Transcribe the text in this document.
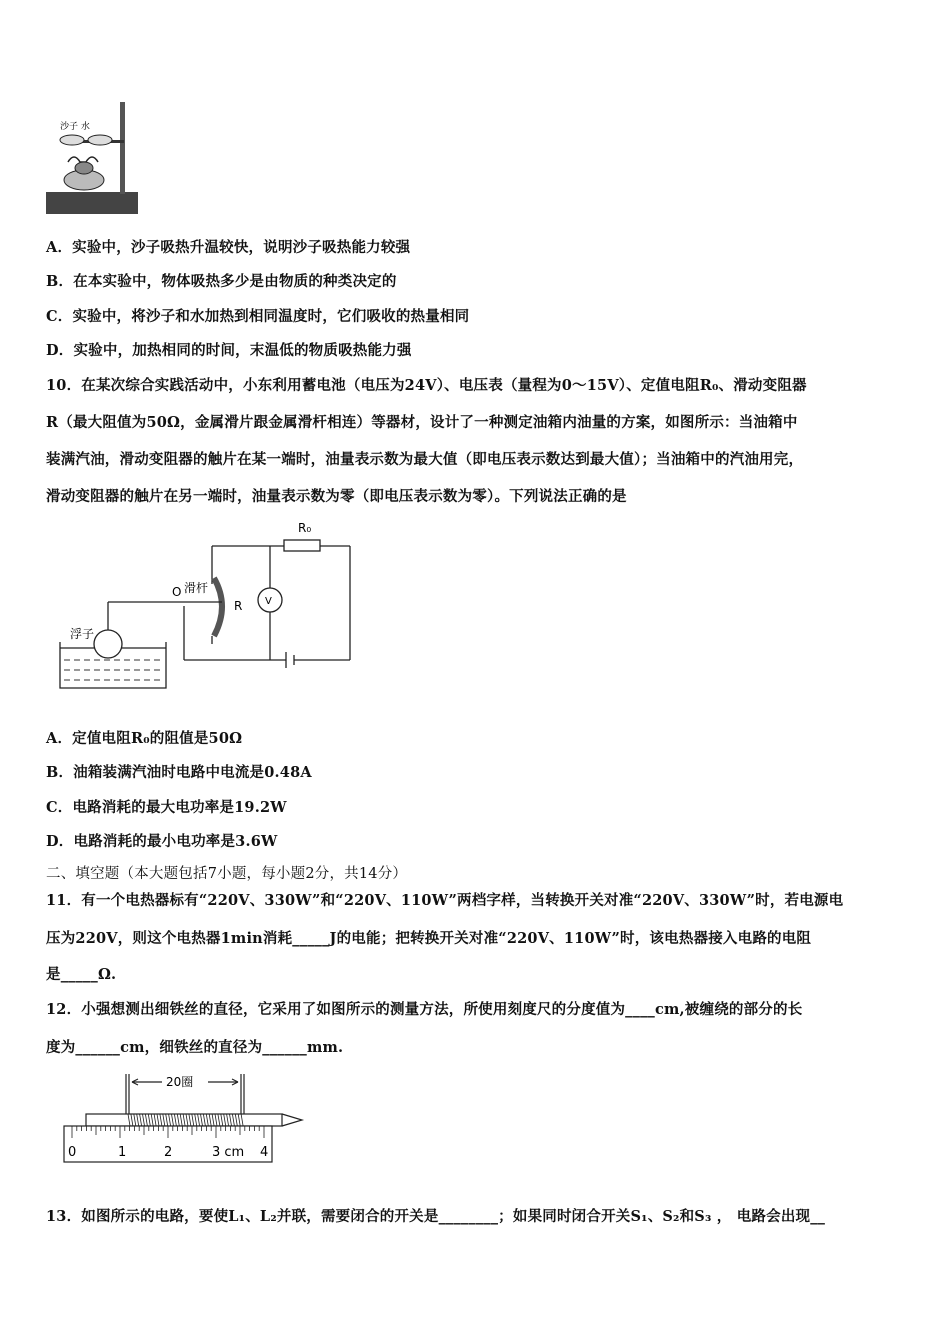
沙子 水
A．实验中，沙子吸热升温较快，说明沙子吸热能力较强
B．在本实验中，物体吸热多少是由物质的种类决定的
C．实验中，将沙子和水加热到相同温度时，它们吸收的热量相同
D．实验中，加热相同的时间，末温低的物质吸热能力强
10．在某次综合实践活动中，小东利用蓄电池（电压为24V）、电压表（量程为0～15V）、定值电阻R₀、滑动变阻器
R（最大阻值为50Ω，金属滑片跟金属滑杆相连）等器材，设计了一种测定油箱内油量的方案，如图所示：当油箱中
装满汽油，滑动变阻器的触片在某一端时，油量表示数为最大值（即电压表示数达到最大值）；当油箱中的汽油用完，
滑动变阻器的触片在另一端时，油量表示数为零（即电压表示数为零）。下列说法正确的是
R₀
O 滑杆
R V
浮子
A．定值电阻R₀的阻值是50Ω
B．油箱装满汽油时电路中电流是0.48A
C．电路消耗的最大电功率是19.2W
D．电路消耗的最小电功率是3.6W
二、填空题（本大题包括7小题，每小题2分，共14分）
11．有一个电热器标有“220V、330W”和“220V、110W”两档字样，当转换开关对准“220V、330W”时，若电源电
压为220V，则这个电热器1min消耗_____J的电能；把转换开关对准“220V、110W”时，该电热器接入电路的电阻
是_____Ω.
12．小强想测出细铁丝的直径，它采用了如图所示的测量方法，所使用刻度尺的分度值为____cm,被缠绕的部分的长
度为______cm，细铁丝的直径为______mm.
20圈
0	1	2	3 cm 4
13．如图所示的电路，要使L₁、L₂并联，需要闭合的开关是________；如果同时闭合开关S₁、S₂和S₃ ， 电路会出现__
